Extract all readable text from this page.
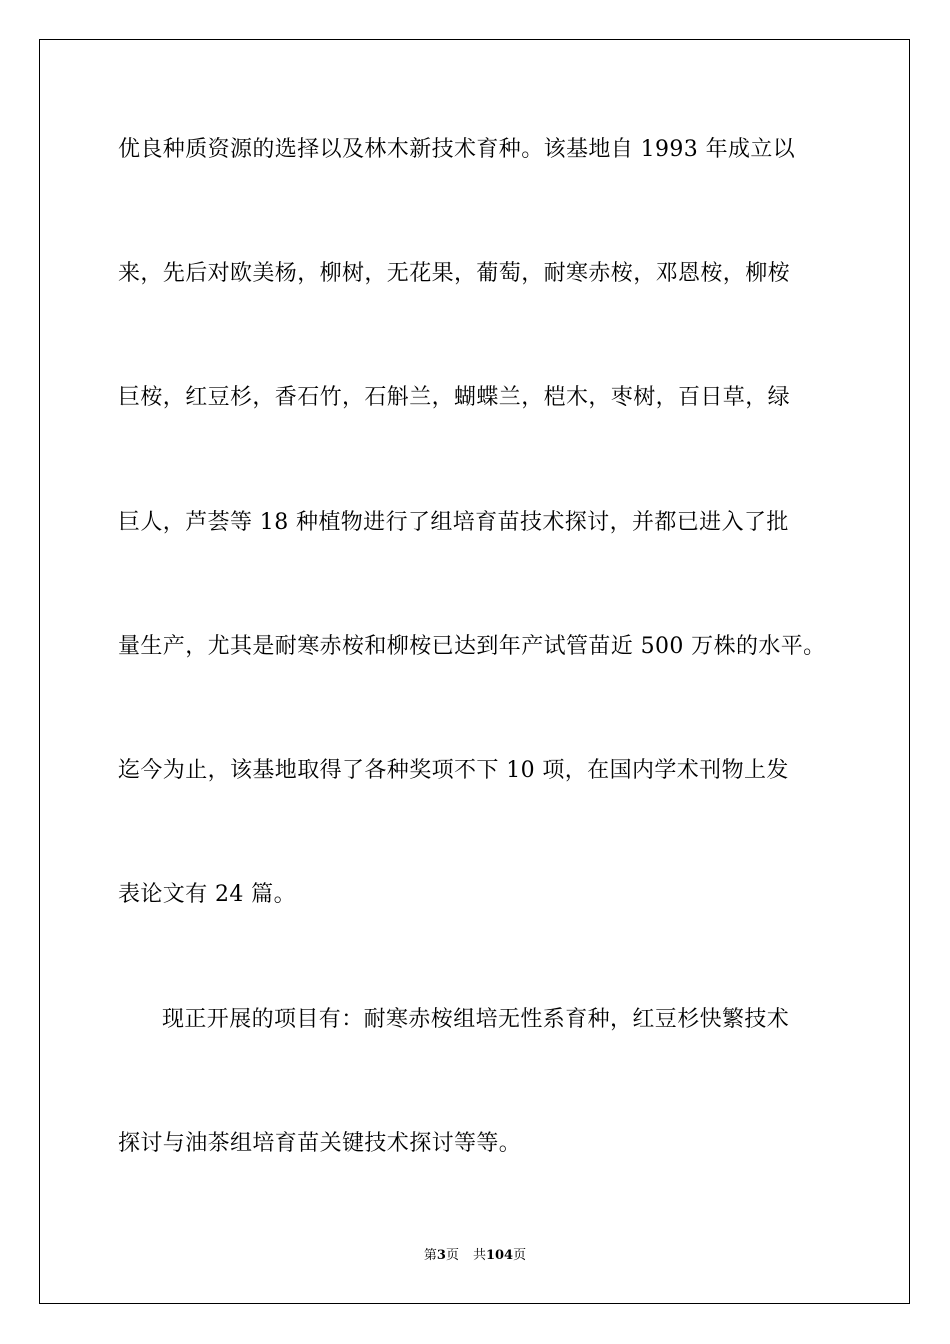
优良种质资源的选择以及林木新技术育种。该基地自 1993 年成立以
来，先后对欧美杨，柳树，无花果，葡萄，耐寒赤桉，邓恩桉，柳桉
巨桉，红豆杉，香石竹，石斛兰，蝴蝶兰，桤木，枣树，百日草，绿
巨人，芦荟等 18 种植物进行了组培育苗技术探讨，并都已进入了批
量生产，尤其是耐寒赤桉和柳桉已达到年产试管苗近 500 万株的水平。
迄今为止，该基地取得了各种奖项不下 10 项，在国内学术刊物上发
表论文有 24 篇。
现正开展的项目有：耐寒赤桉组培无性系育种，红豆杉快繁技术
探讨与油茶组培育苗关键技术探讨等等。
第3页 共104页
